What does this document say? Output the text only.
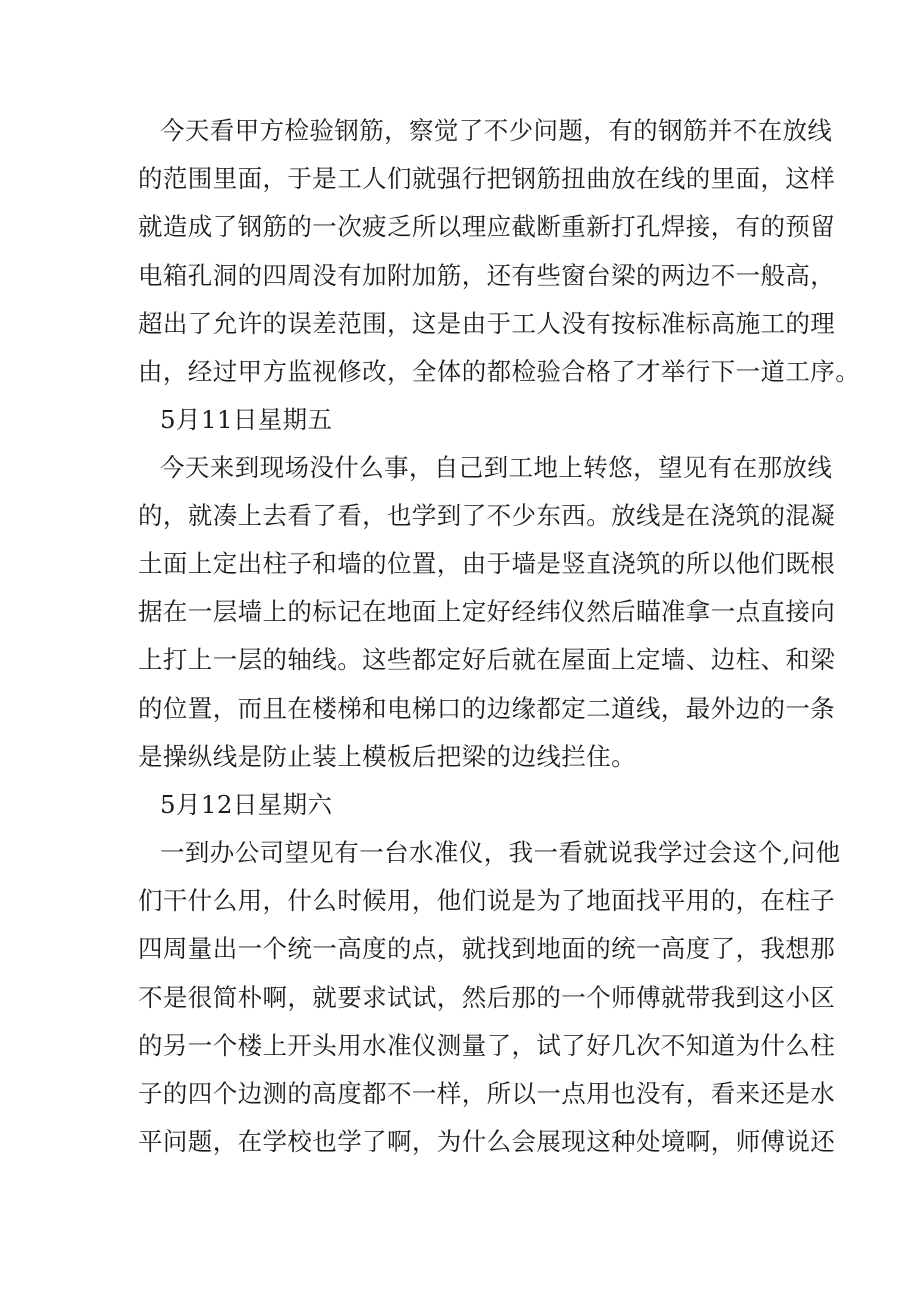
今天看甲方检验钢筋，察觉了不少问题，有的钢筋并不在放线
的范围里面，于是工人们就强行把钢筋扭曲放在线的里面，这样
就造成了钢筋的一次疲乏所以理应截断重新打孔焊接，有的预留
电箱孔洞的四周没有加附加筋，还有些窗台梁的两边不一般高，
超出了允许的误差范围，这是由于工人没有按标准标高施工的理
由，经过甲方监视修改，全体的都检验合格了才举行下一道工序。
5月11日星期五
今天来到现场没什么事，自己到工地上转悠，望见有在那放线
的，就凑上去看了看，也学到了不少东西。放线是在浇筑的混凝
土面上定出柱子和墙的位置，由于墙是竖直浇筑的所以他们既根
据在一层墙上的标记在地面上定好经纬仪然后瞄准拿一点直接向
上打上一层的轴线。这些都定好后就在屋面上定墙、边柱、和梁
的位置，而且在楼梯和电梯口的边缘都定二道线，最外边的一条
是操纵线是防止装上模板后把梁的边线拦住。
5月12日星期六
一到办公司望见有一台水准仪，我一看就说我学过会这个,问他
们干什么用，什么时候用，他们说是为了地面找平用的，在柱子
四周量出一个统一高度的点，就找到地面的统一高度了，我想那
不是很简朴啊，就要求试试，然后那的一个师傅就带我到这小区
的另一个楼上开头用水准仪测量了，试了好几次不知道为什么柱
子的四个边测的高度都不一样，所以一点用也没有，看来还是水
平问题，在学校也学了啊，为什么会展现这种处境啊，师傅说还
